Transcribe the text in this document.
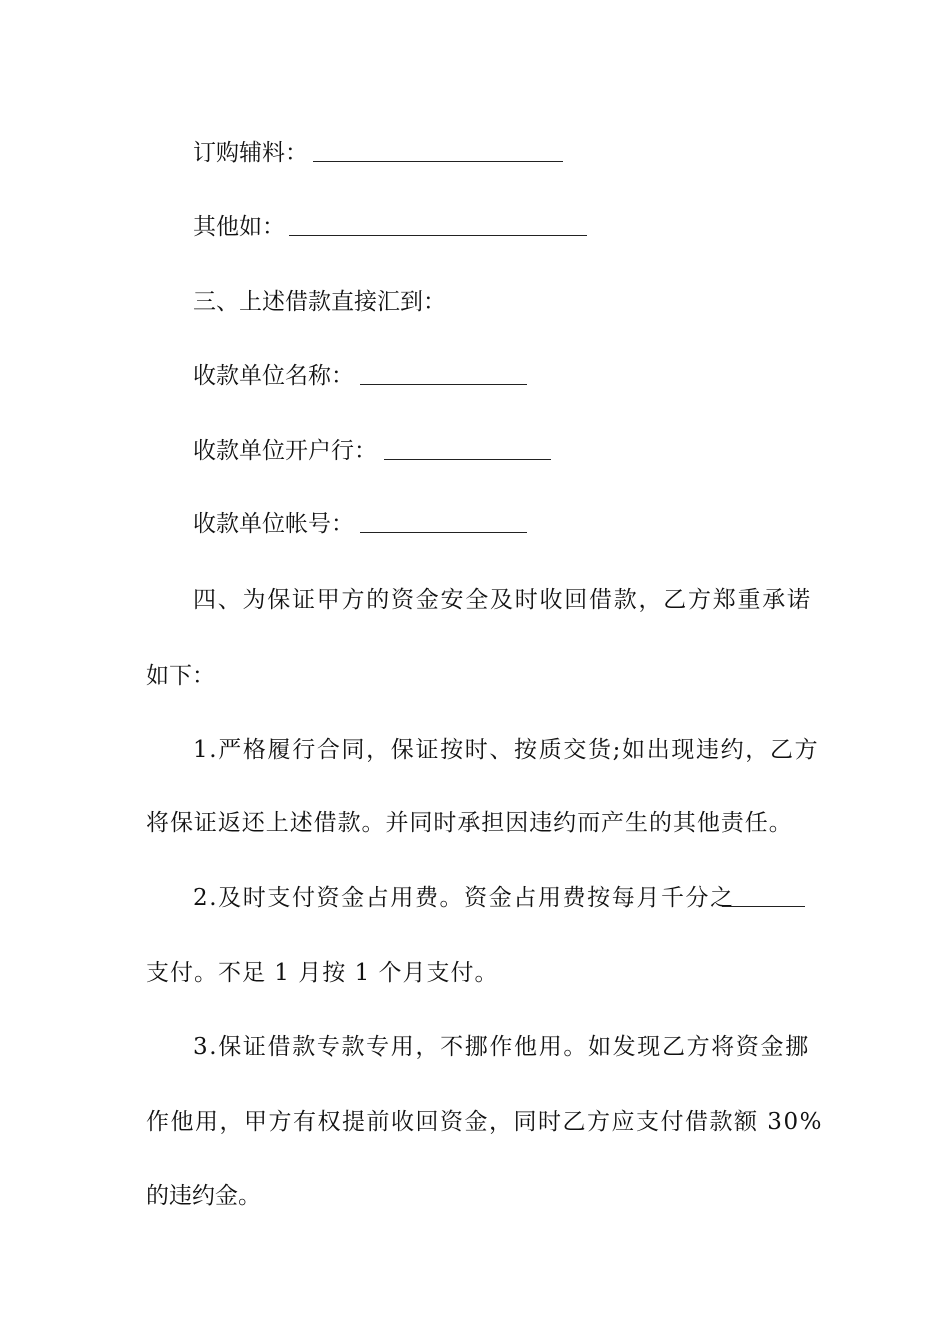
订购辅料：
其他如：
三、上述借款直接汇到：
收款单位名称：
收款单位开户行：
收款单位帐号：
四、为保证甲方的资金安全及时收回借款，乙方郑重承诺
如下：
1.严格履行合同，保证按时、按质交货;如出现违约，乙方
将保证返还上述借款。并同时承担因违约而产生的其他责任。
2.及时支付资金占用费。资金占用费按每月千分之
支付。不足 1 月按 1 个月支付。
3.保证借款专款专用，不挪作他用。如发现乙方将资金挪
作他用，甲方有权提前收回资金，同时乙方应支付借款额 30%
的违约金。
